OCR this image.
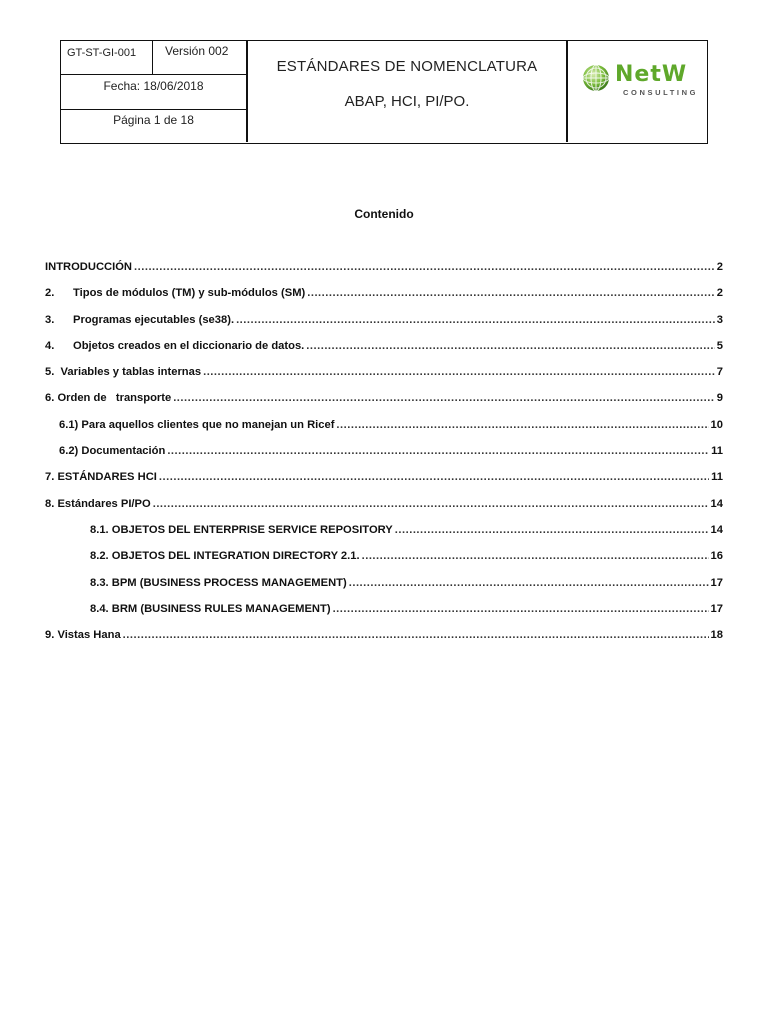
GT-ST-GI-001 Versión 002
Fecha: 18/06/2018
Página 1 de 18
ESTÁNDARES DE NOMENCLATURA
ABAP, HCI, PI/PO.
NetW
CONSULTING
Contenido
INTRODUCCIÓN .....	2
2. Tipos de módulos (TM) y sub-módulos (SM) .....	2
3. Programas ejecutables (se38). .....	3
4. Objetos creados en el diccionario de datos. .....	5
5.  Variables y tablas internas .....	7
6. Orden de   transporte .....	9
6.1) Para aquellos clientes que no manejan un Ricef .....	10
6.2) Documentación .....	11
7. ESTÁNDARES HCI .....	11
8. Estándares PI/PO .....	14
8.1. OBJETOS DEL ENTERPRISE SERVICE REPOSITORY .....	14
8.2. OBJETOS DEL INTEGRATION DIRECTORY 2.1. .....	16
8.3. BPM (BUSINESS PROCESS MANAGEMENT) .....	17
8.4. BRM (BUSINESS RULES MANAGEMENT) .....	17
9. Vistas Hana .....	18
